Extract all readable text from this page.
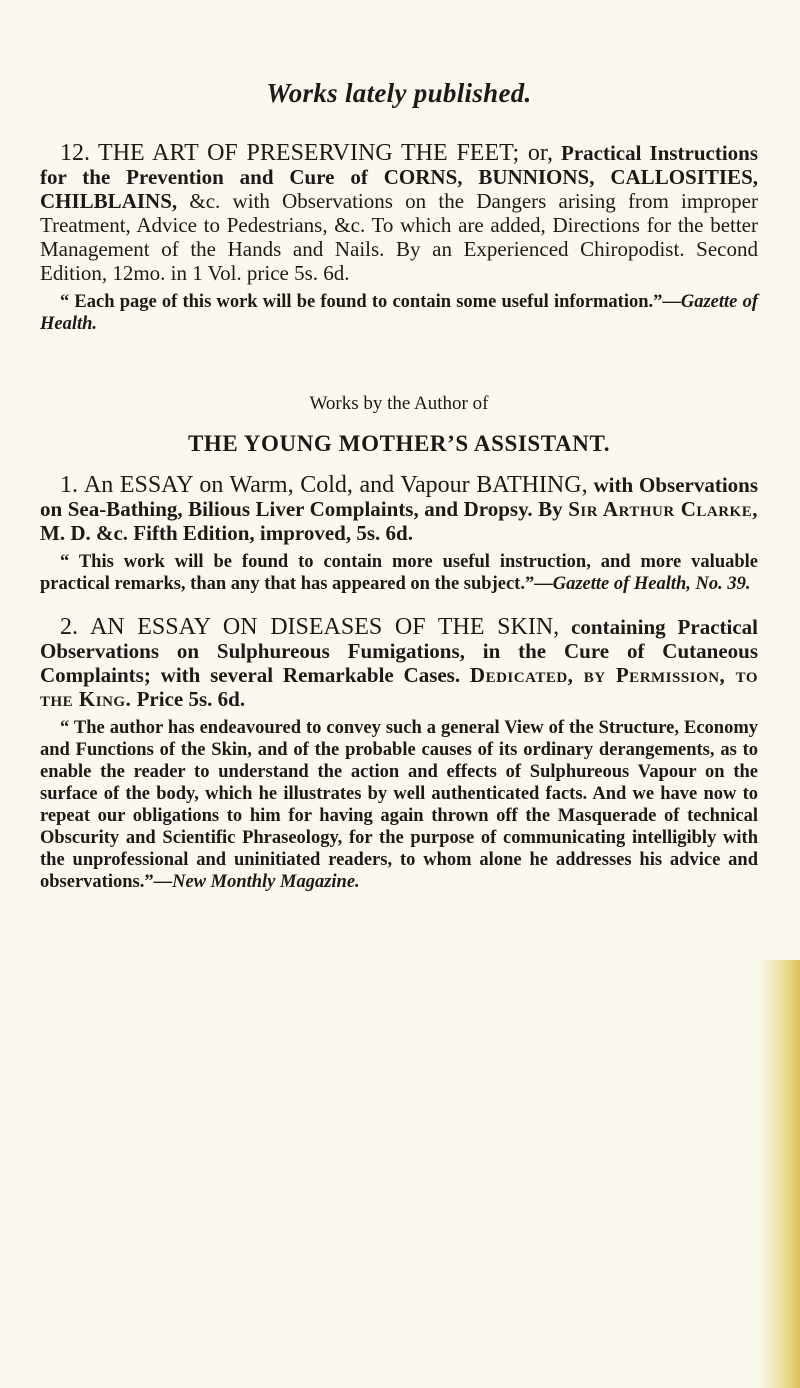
Works lately published.

12. THE ART OF PRESERVING THE FEET; or, Practical Instructions for the Prevention and Cure of CORNS, BUNNIONS, CALLOSITIES, CHILBLAINS, &c. with Observations on the Dangers arising from improper Treatment, Advice to Pedestrians, &c. To which are added, Directions for the better Management of the Hands and Nails. By an Experienced Chiropodist. Second Edition, 12mo. in 1 Vol. price 5s. 6d.

“ Each page of this work will be found to contain some useful information.”—Gazette of Health.

Works by the Author of
THE YOUNG MOTHER’S ASSISTANT.

1. An ESSAY on Warm, Cold, and Vapour BATHING, with Observations on Sea-Bathing, Bilious Liver Complaints, and Dropsy. By Sir Arthur Clarke, M. D. &c. Fifth Edition, improved, 5s. 6d.

“ This work will be found to contain more useful instruction, and more valuable practical remarks, than any that has appeared on the subject.”—Gazette of Health, No. 39.

2. AN ESSAY ON DISEASES OF THE SKIN, containing Practical Observations on Sulphureous Fumigations, in the Cure of Cutaneous Complaints; with several Remarkable Cases. Dedicated, by Permission, to the King. Price 5s. 6d.

“ The author has endeavoured to convey such a general View of the Structure, Economy and Functions of the Skin, and of the probable causes of its ordinary derangements, as to enable the reader to understand the action and effects of Sulphureous Vapour on the surface of the body, which he illustrates by well authenticated facts. And we have now to repeat our obligations to him for having again thrown off the Masquerade of technical Obscurity and Scientific Phraseology, for the purpose of communicating intelligibly with the unprofessional and uninitiated readers, to whom alone he addresses his advice and observations.”—New Monthly Magazine.
